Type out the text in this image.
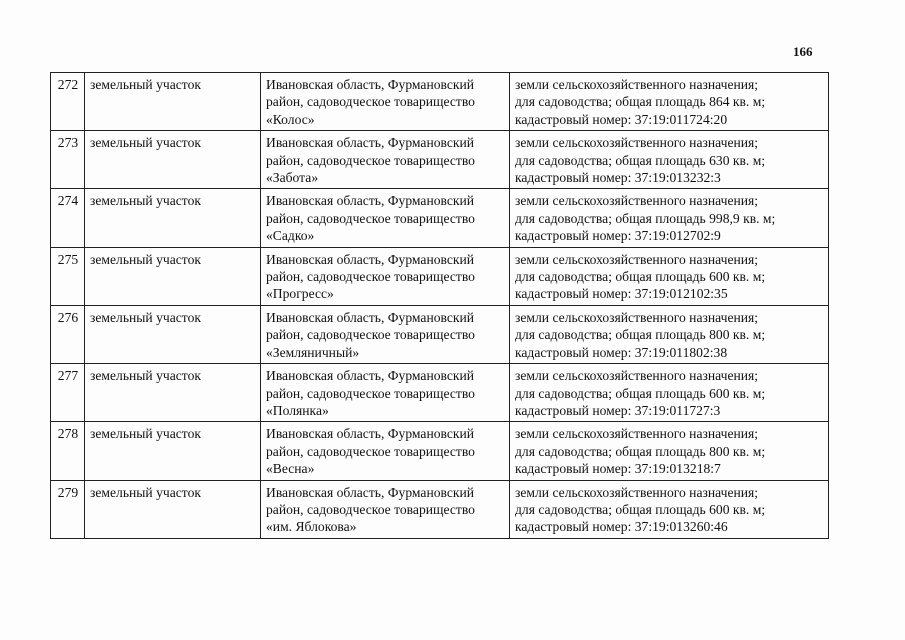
166
272	земельный участок	Ивановская область, Фурмановский
район, садоводческое товарищество
«Колос»	земли сельскохозяйственного назначения;
для садоводства; общая площадь 864 кв. м;
кадастровый номер: 37:19:011724:20

273	земельный участок	Ивановская область, Фурмановский
район, садоводческое товарищество
«Забота»	земли сельскохозяйственного назначения;
для садоводства; общая площадь 630 кв. м;
кадастровый номер: 37:19:013232:3

274	земельный участок	Ивановская область, Фурмановский
район, садоводческое товарищество
«Садко»	земли сельскохозяйственного назначения;
для садоводства; общая площадь 998,9 кв. м;
кадастровый номер: 37:19:012702:9

275	земельный участок	Ивановская область, Фурмановский
район, садоводческое товарищество
«Прогресс»	земли сельскохозяйственного назначения;
для садоводства; общая площадь 600 кв. м;
кадастровый номер: 37:19:012102:35

276	земельный участок	Ивановская область, Фурмановский
район, садоводческое товарищество
«Земляничный»	земли сельскохозяйственного назначения;
для садоводства; общая площадь 800 кв. м;
кадастровый номер: 37:19:011802:38

277	земельный участок	Ивановская область, Фурмановский
район, садоводческое товарищество
«Полянка»	земли сельскохозяйственного назначения;
для садоводства; общая площадь 600 кв. м;
кадастровый номер: 37:19:011727:3

278	земельный участок	Ивановская область, Фурмановский
район, садоводческое товарищество
«Весна»	земли сельскохозяйственного назначения;
для садоводства; общая площадь 800 кв. м;
кадастровый номер: 37:19:013218:7

279	земельный участок	Ивановская область, Фурмановский
район, садоводческое товарищество
«им. Яблокова»	земли сельскохозяйственного назначения;
для садоводства; общая площадь 600 кв. м;
кадастровый номер: 37:19:013260:46
